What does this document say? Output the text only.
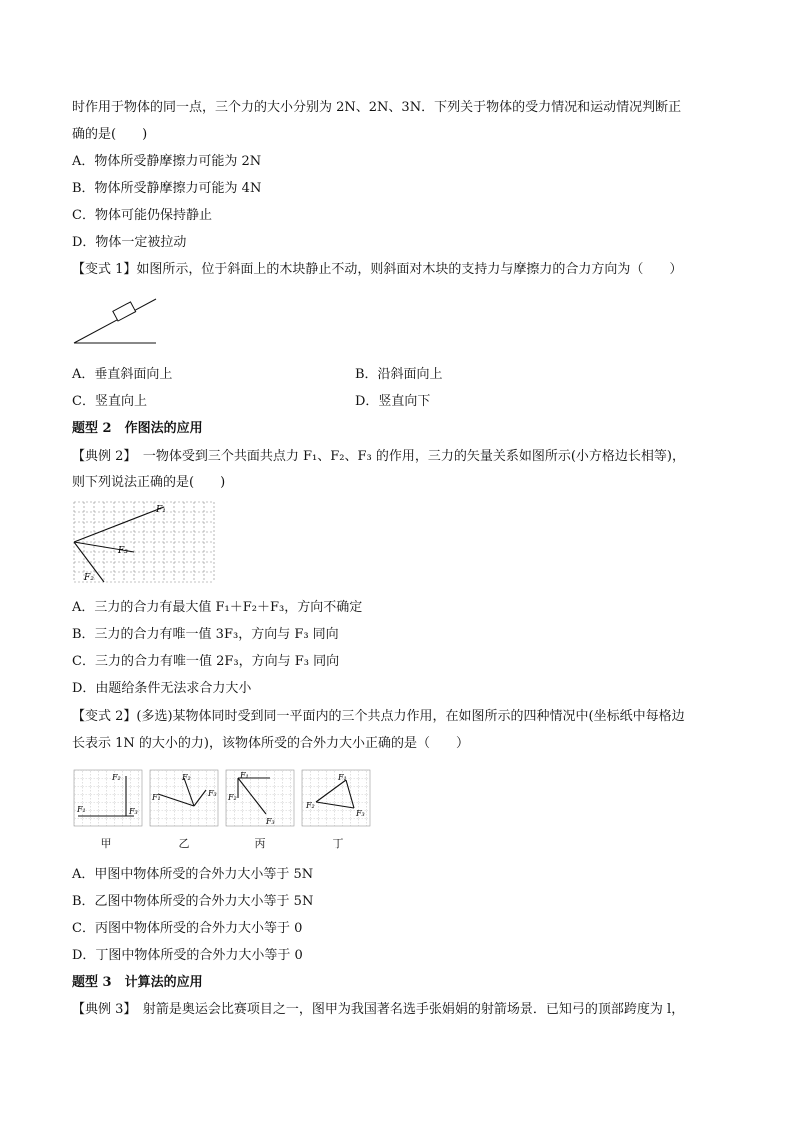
时作用于物体的同一点，三个力的大小分别为 2N、2N、3N．下列关于物体的受力情况和运动情况判断正
确的是(　　)
A．物体所受静摩擦力可能为 2N
B．物体所受静摩擦力可能为 4N
C．物体可能仍保持静止
D．物体一定被拉动
【变式 1】如图所示，位于斜面上的木块静止不动，则斜面对木块的支持力与摩擦力的合力方向为（　　）
A．垂直斜面向上	B．沿斜面向上
C．竖直向上	D．竖直向下
题型 2　作图法的应用
【典例 2】　一物体受到三个共面共点力 F₁、F₂、F₃ 的作用，三力的矢量关系如图所示(小方格边长相等)，
则下列说法正确的是(　　)
F₁
F₃
F₂
A．三力的合力有最大值 F₁＋F₂＋F₃，方向不确定
B．三力的合力有唯一值 3F₃，方向与 F₃ 同向
C．三力的合力有唯一值 2F₃，方向与 F₃ 同向
D．由题给条件无法求合力大小
【变式 2】(多选)某物体同时受到同一平面内的三个共点力作用，在如图所示的四种情况中(坐标纸中每格边
长表示 1N 的大小的力)，该物体所受的合外力大小正确的是（　　）
F₂
F₁	F₃
F₁
F₂
F₃
F₁
F₂
F₃
F₁
F₂
F₃
甲	乙	丙	丁
A．甲图中物体所受的合外力大小等于 5N
B．乙图中物体所受的合外力大小等于 5N
C．丙图中物体所受的合外力大小等于 0
D．丁图中物体所受的合外力大小等于 0
题型 3　计算法的应用
【典例 3】　射箭是奥运会比赛项目之一，图甲为我国著名选手张娟娟的射箭场景．已知弓的顶部跨度为 l，
